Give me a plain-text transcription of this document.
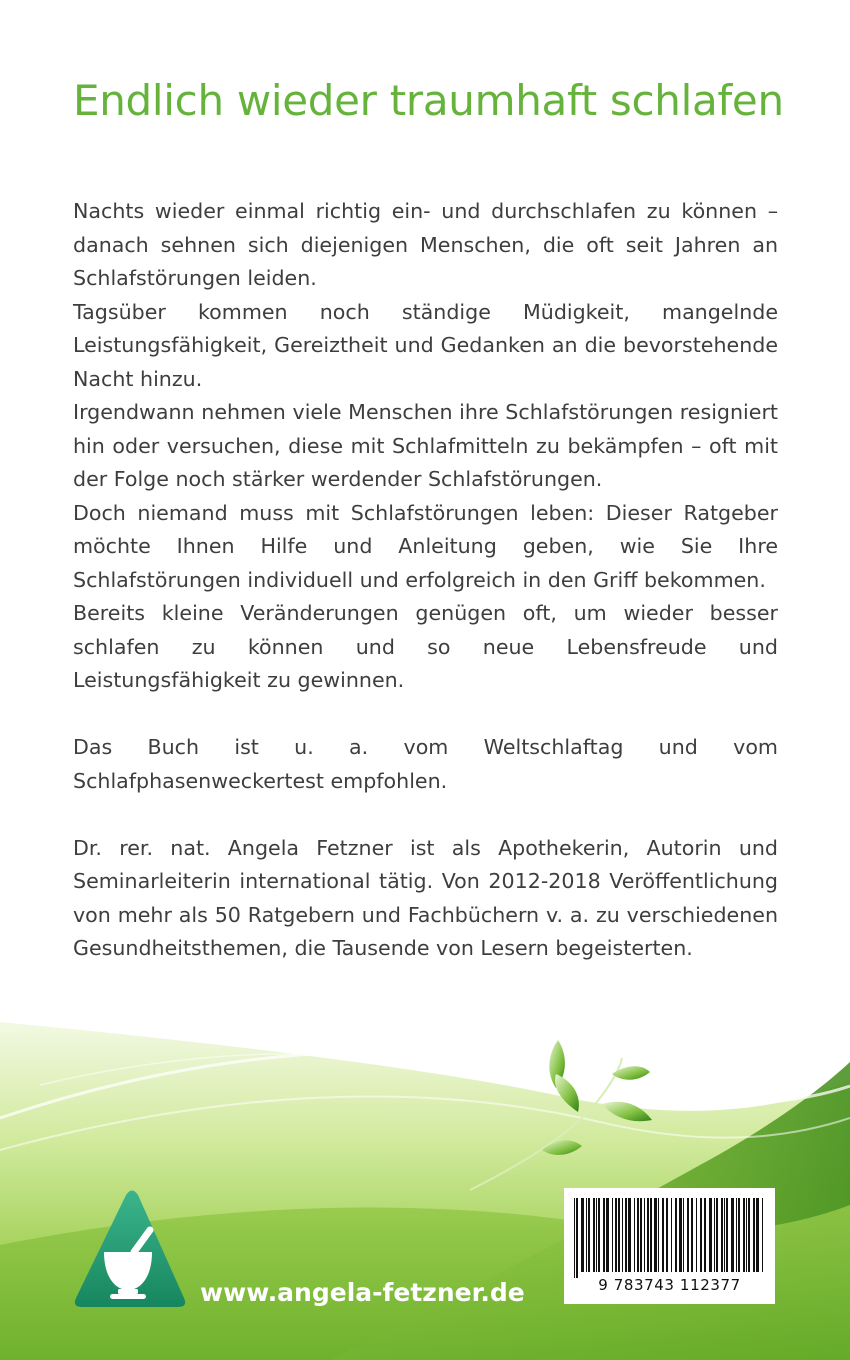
Endlich wieder traumhaft schlafen

Nachts wieder einmal richtig ein- und durchschlafen zu können – danach sehnen sich diejenigen Menschen, die oft seit Jahren an Schlafstörungen leiden.

Tagsüber kommen noch ständige Müdigkeit, mangelnde Leistungsfähigkeit, Gereiztheit und Gedanken an die bevorstehende Nacht hinzu.

Irgendwann nehmen viele Menschen ihre Schlafstörungen resigniert hin oder versuchen, diese mit Schlafmitteln zu bekämpfen – oft mit der Folge noch stärker werdender Schlafstörungen.

Doch niemand muss mit Schlafstörungen leben: Dieser Ratgeber möchte Ihnen Hilfe und Anleitung geben, wie Sie Ihre Schlafstörungen individuell und erfolgreich in den Griff bekommen.

Bereits kleine Veränderungen genügen oft, um wieder besser schlafen zu können und so neue Lebensfreude und Leistungsfähigkeit zu gewinnen.

Das Buch ist u. a. vom Weltschlaftag und vom Schlafphasenweckertest empfohlen.

Dr. rer. nat. Angela Fetzner ist als Apothekerin, Autorin und Seminarleiterin international tätig. Von 2012-2018 Veröffentlichung von mehr als 50 Ratgebern und Fachbüchern v. a. zu verschiedenen Gesundheitsthemen, die Tausende von Lesern begeisterten.

www.angela-fetzner.de	9 783743 112377
